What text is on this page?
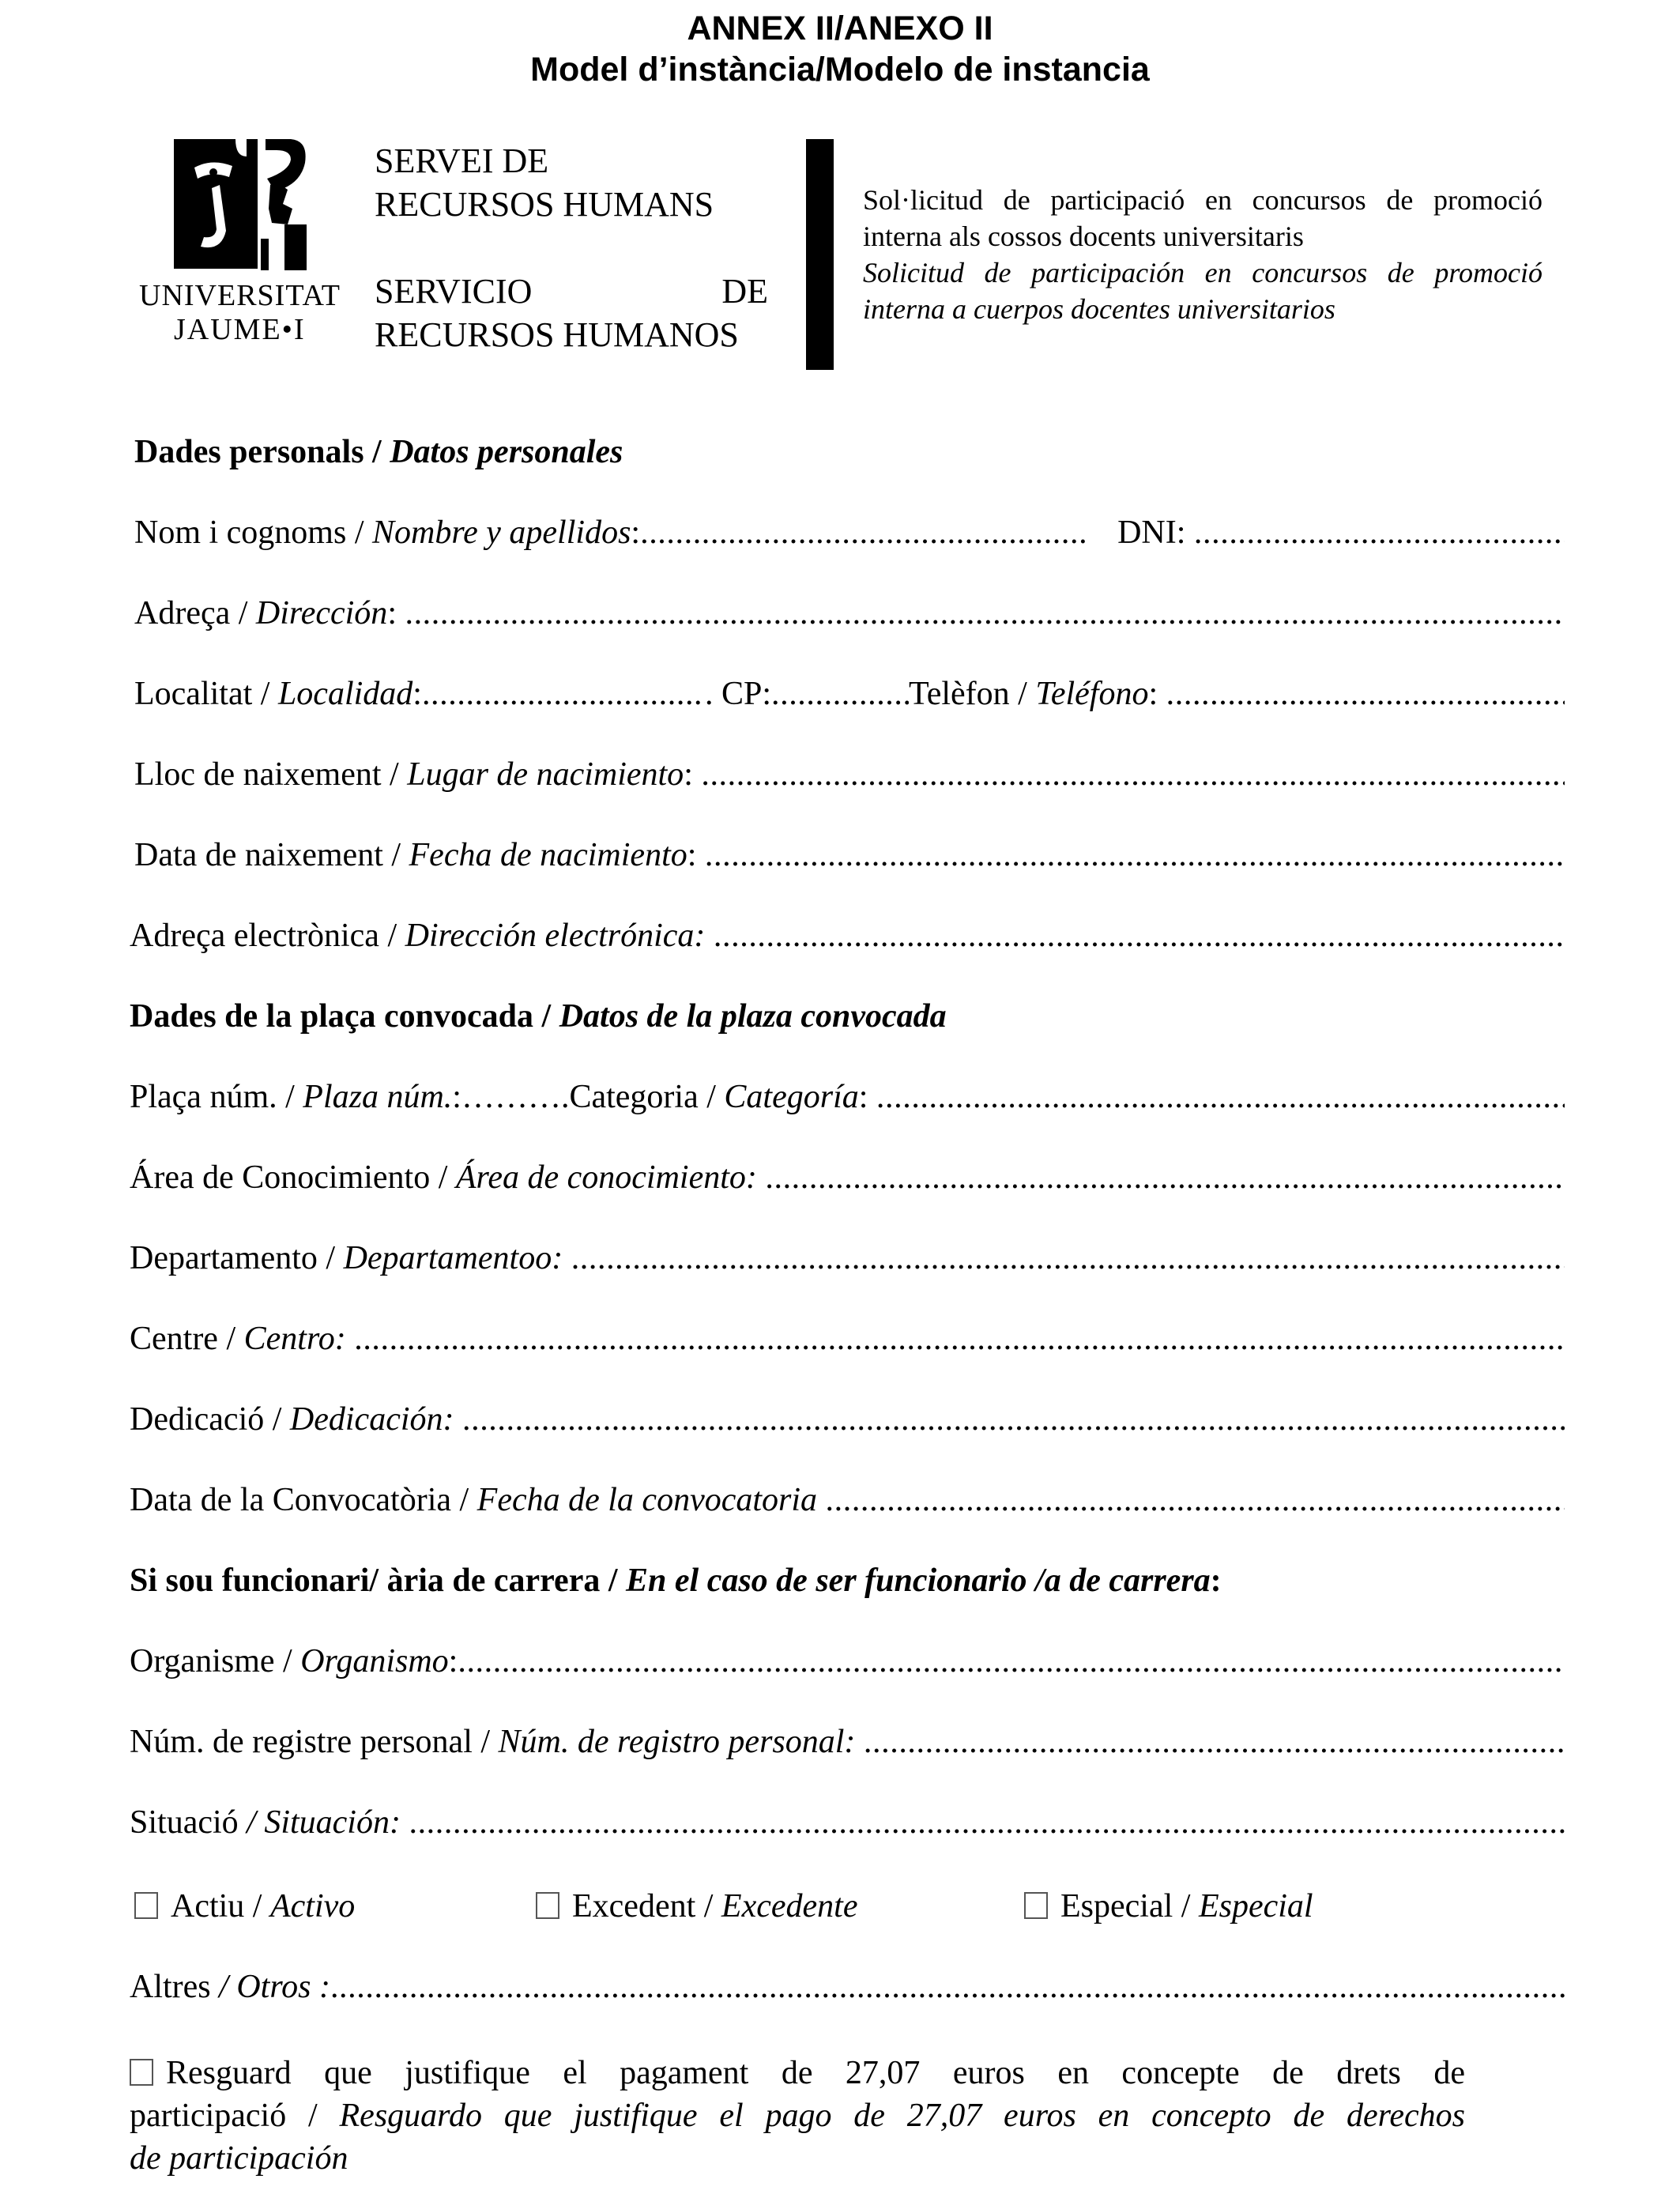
ANNEX II/ANEXO II
Model d’instància/Modelo de instancia
UNIVERSITAT
JAUME•I
SERVEI DE
RECURSOS HUMANS
SERVICIO	DE
RECURSOS HUMANOS

Sol·licitud de participació en concursos de promoció

interna als cossos docents universitaris

Solicitud de participación en concursos de promoció

interna a cuerpos docentes universitarios

Dades personals / Datos personales
Nom i cognoms / Nombre y apellidos: .....	DNI:

.....
Adreça / Dirección:
.....
Localitat / Localidad: .....	. CP: .....	Telèfon / Teléfono:
.....
Lloc de naixement / Lugar de nacimiento:
.....
Data de naixement / Fecha de nacimiento:
.....
Adreça electrònica / Dirección electrónica:
.....
Dades de la plaça convocada / Datos de la plaza convocada
Plaça núm. / Plaza núm.: ………. Categoria / Categoría:
.....
Área de Conocimiento / Área de conocimiento:
.....
Departamento / Departamentoo:
.....
Centre / Centro:
.....
Dedicació / Dedicación:
.....
Data de la Convocatòria / Fecha de la convocatoria
.....
Si sou funcionari/ ària de carrera / En el caso de ser funcionario /a de carrera:
Organisme / Organismo:
.....
Núm. de registre personal / Núm. de registro personal:
.....
Situació / Situación:
.....
Actiu / Activo	Excedent / Excedente	Especial / Especial
Altres / Otros :
.....

Resguard que justifique el pagament de 27,07 euros en concepte de drets de

participació / Resguardo que justifique el pago de 27,07 euros en concepto de derechos

de participación
